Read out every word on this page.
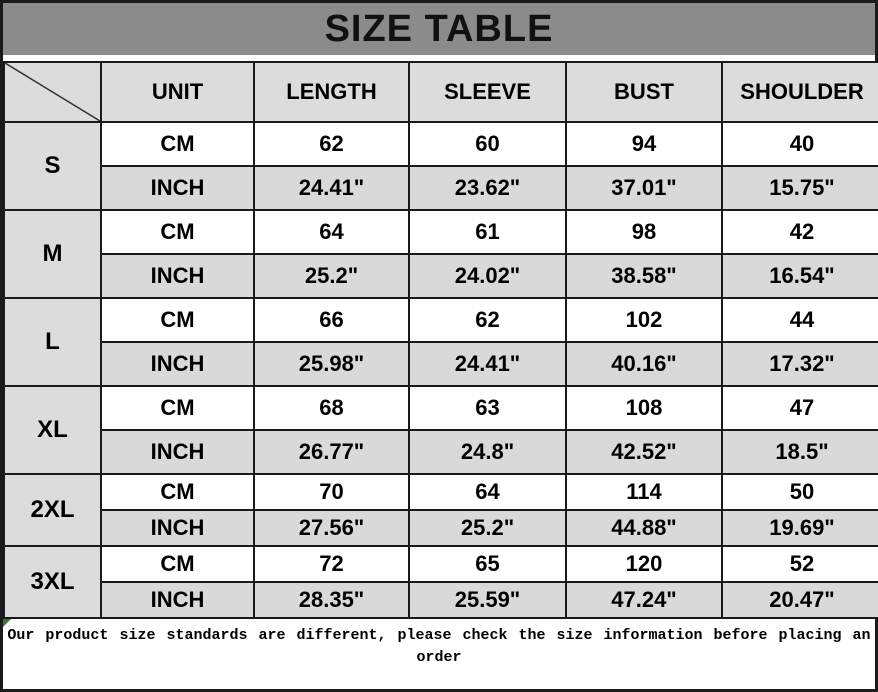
SIZE TABLE
	UNIT	LENGTH	SLEEVE	BUST	SHOULDER
S	CM	62	60	94	40
	INCH	24.41"	23.62"	37.01"	15.75"
M	CM	64	61	98	42
	INCH	25.2"	24.02"	38.58"	16.54"
L	CM	66	62	102	44
	INCH	25.98"	24.41"	40.16"	17.32"
XL	CM	68	63	108	47
	INCH	26.77"	24.8"	42.52"	18.5"
2XL	CM	70	64	114	50
	INCH	27.56"	25.2"	44.88"	19.69"
3XL	CM	72	65	120	52
	INCH	28.35"	25.59"	47.24"	20.47"
Our product size standards are different, please check the size information before placing an order
